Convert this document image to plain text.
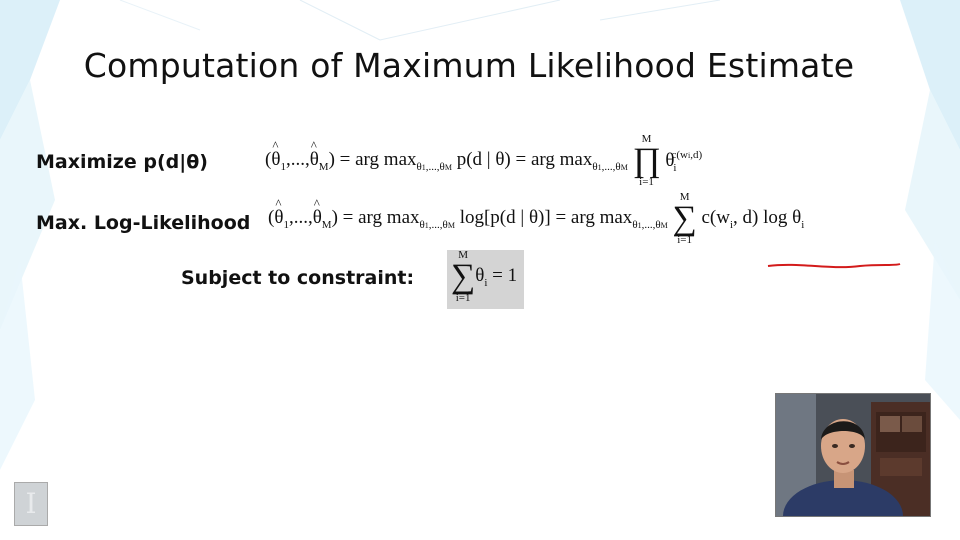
Computation of Maximum Likelihood Estimate
Maximize p(d|θ)	(^ $\theta_1,...,\^{}$ $\theta_M$) = arg $\max_{\theta 1,...,\theta M} p(d$ | θ) = arg $\max_{\theta 1,...,\theta M}$
M
∏
i=1
$\theta_i^{c(wi,d)}$
Max. Log-Likelihood (^ $\theta_1,...,\^{}$ $\theta_M$) = arg $\max_{\theta 1,...,\theta M} \log[p(d$ | θ)] = arg $\max_{\theta 1,...,\theta M}$
M
∑
i=1
$c(w_i$, d) $\log \theta_i$
Subject to constraint:
M
∑
i=1
$\theta_i = 1$
I
